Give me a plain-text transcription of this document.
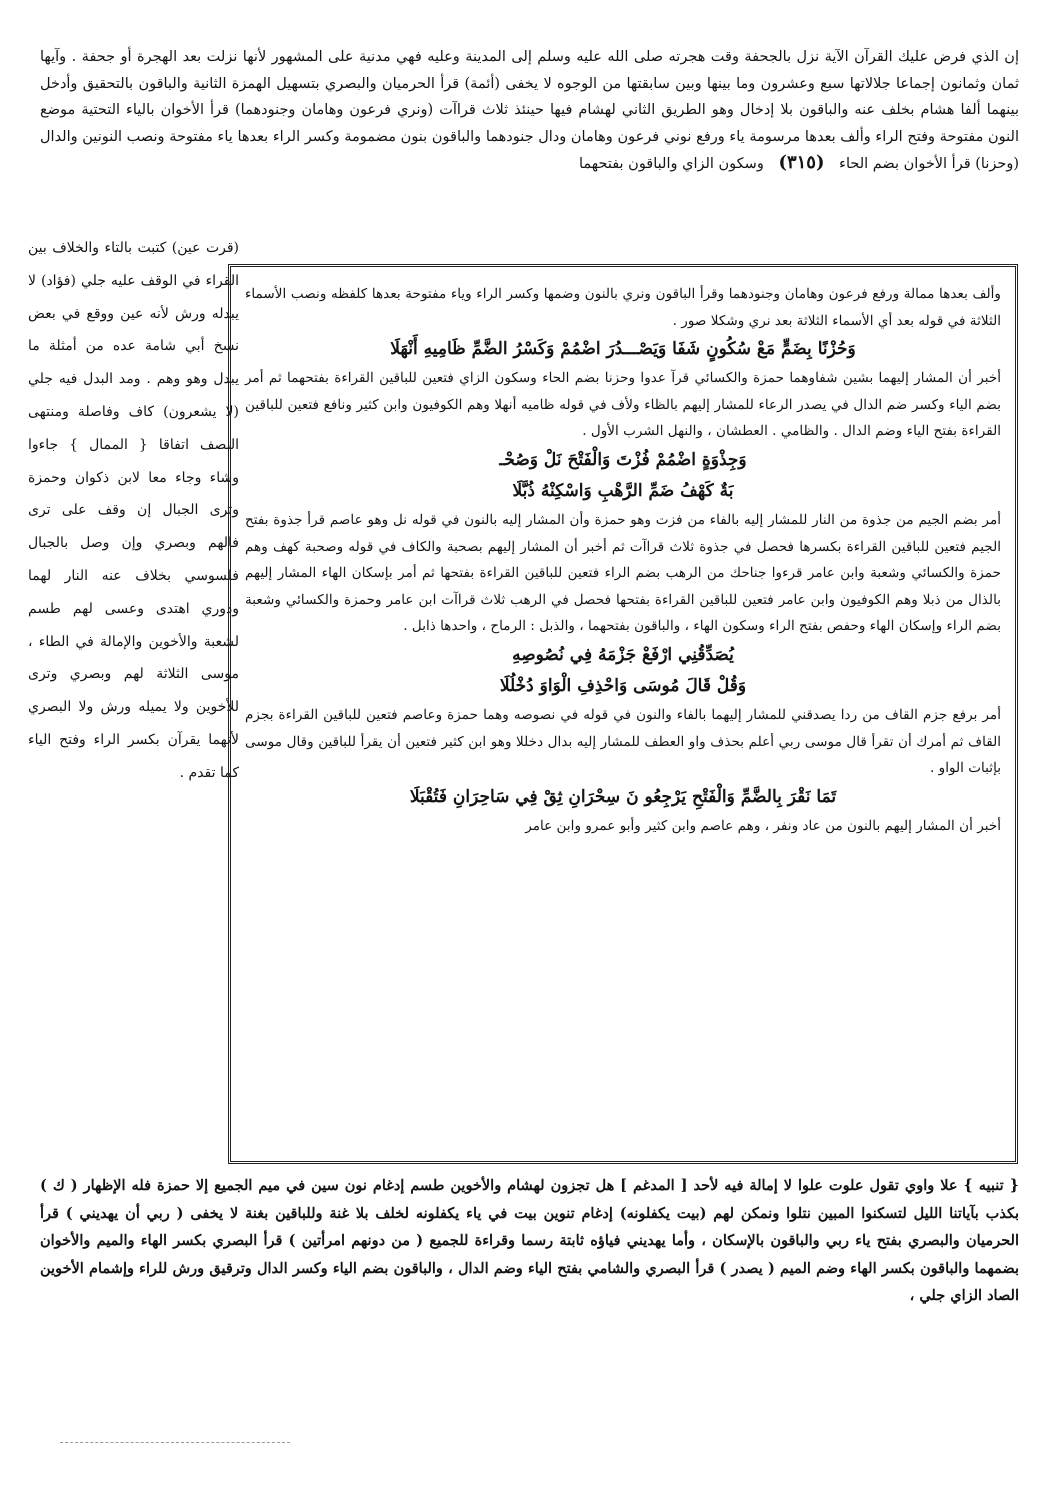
إن الذي فرض عليك القرآن الآية نزل بالجحفة وقت هجرته صلى الله عليه وسلم إلى المدينة وعليه فهي مدنية على المشهور لأنها نزلت بعد الهجرة أو جحفة . وآيها ثمان وثمانون إجماعا جلالاتها سبع وعشرون وما بينها وبين سابقتها من الوجوه لا يخفى (أئمة) قرأ الحرميان والبصري بتسهيل الهمزة الثانية والباقون بالتحقيق وأدخل بينهما ألفا هشام بخلف عنه والباقون بلا إدخال وهو الطريق الثاني لهشام فيها حينئذ ثلاث قراآت (ونري فرعون وهامان وجنودهما) قرأ الأخوان بالياء التحتية موضع النون مفتوحة وفتح الراء وألف بعدها مرسومة ياء ورفع نوني فرعون وهامان ودال جنودهما والباقون بنون مضمومة وكسر الراء بعدها ياء مفتوحة ونصب النونين والدال (وحزنا) قرأ الأخوان بضم الحاء (٣١٥) وسكون الزاي والباقون بفتحهما

(قرت عين) كتبت بالتاء والخلاف بين القراء في الوقف عليه جلي (فؤاد) لا يبدله ورش لأنه عين ووقع في بعض نسخ أبي شامة عده من أمثلة ما يبدل وهو وهم . ومد البدل فيه جلي (لا يشعرون) كاف وفاصلة ومنتهى النصف اتفاقا { الممال } جاءوا وشاء وجاء معا لابن ذكوان وحمزة وترى الجبال إن وقف على ترى فالهم وبصري وإن وصل بالجبال فلسوسي بخلاف عنه النار لهما ودوري اهتدى وعسى لهم طسم لشعبة والأخوين والإمالة في الطاء ، موسى الثلاثة لهم وبصري وترى للأخوين ولا يميله ورش ولا البصري لأنهما يقرآن بكسر الراء وفتح الياء كما تقدم .

وألف بعدها ممالة ورفع فرعون وهامان وجنودهما وقرأ الباقون ونري بالنون وضمها وكسر الراء وياء مفتوحة بعدها كلفظه ونصب الأسماء الثلاثة في قوله بعد أي الأسماء الثلاثة بعد نري وشكلا صور .

وَحُزْنًا بِضَمٍّ مَعْ سُكُونٍ شَفَا وَيَصْـــدُرَ اضْمُمْ وَكَسْرُ الضَّمِّ ظَامِيهِ أَنْهَلَا

أخبر أن المشار إليهما بشين شفاوهما حمزة والكسائي قرآ عدوا وحزنا بضم الحاء وسكون الزاي فتعين للباقين القراءة بفتحهما ثم أمر بضم الياء وكسر ضم الدال في يصدر الرعاء للمشار إليهم بالظاء ولأف في قوله ظاميه أنهلا وهم الكوفيون وابن كثير ونافع فتعين للباقين القراءة بفتح الياء وضم الدال . والظامي . العطشان ، والنهل الشرب الأول .

وَجِذْوَةٍ اضْمُمْ فُزْتَ وَالْفَتْحَ نَلْ وَصُحْـ

بَةٌ كَهْفُ ضَمِّ الرَّهْبِ وَاسْكِنْهُ ذُبَّلَا

أمر بضم الجيم من جذوة من النار للمشار إليه بالفاء من فزت وهو حمزة وأن المشار إليه بالنون في قوله نل وهو عاصم قرأ جذوة بفتح الجيم فتعين للباقين القراءة بكسرها فحصل في جذوة ثلاث قراآت ثم أخبر أن المشار إليهم بصحبة والكاف في قوله وصحبة كهف وهم حمزة والكسائي وشعبة وابن عامر قرءوا جناحك من الرهب بضم الراء فتعين للباقين القراءة بفتحها ثم أمر بإسكان الهاء المشار إليهم بالذال من ذبلا وهم الكوفيون وابن عامر فتعين للباقين القراءة بفتحها فحصل في الرهب ثلاث قراآت ابن عامر وحمزة والكسائي وشعبة بضم الراء وإسكان الهاء وحفص بفتح الراء وسكون الهاء ، والباقون بفتحهما ، والذبل : الرماح ، واحدها ذابل .

يُصَدِّقُنِي ارْفَعْ جَزْمَهُ فِي نُصُوصِهِ

وَقُلْ قَالَ مُوسَى وَاحْذِفِ الْوَاوَ دُخْلُلَا

أمر برفع جزم القاف من ردا يصدقني للمشار إليهما بالفاء والنون في قوله في نصوصه وهما حمزة وعاصم فتعين للباقين القراءة بجزم القاف ثم أمرك أن تقرأ قال موسى ربي أعلم بحذف واو العطف للمشار إليه بدال دخللا وهو ابن كثير فتعين أن يقرأ للباقين وقال موسى بإثبات الواو .

تَمَا نَقْرَ بِالضَّمِّ وَالْفَتْحِ يَرْجِعُو نَ سِحْرَانِ ثِقْ فِي سَاحِرَانِ فَتُقْبَلَا

أخبر أن المشار إليهم بالنون من عاد ونفر ، وهم عاصم وابن كثير وأبو عمرو وابن عامر

{ تنبيه } علا واوي تقول علوت علوا لا إمالة فيه لأحد [ المدغم ] هل تجزون لهشام والأخوين طسم إدغام نون سين في ميم الجميع إلا حمزة فله الإظهار ( ك ) بكذب بآياتنا الليل لتسكنوا المبين نتلوا ونمكن لهم (بيت يكفلونه) إدغام تنوين بيت في ياء يكفلونه لخلف بلا غنة وللباقين بغنة لا يخفى ( ربي أن يهديني ) قرأ الحرميان والبصري بفتح ياء ربي والباقون بالإسكان ، وأما يهديني فياؤه ثابتة رسما وقراءة للجميع ( من دونهم امرأتين ) قرأ البصري بكسر الهاء والميم والأخوان بضمهما والباقون بكسر الهاء وضم الميم ( يصدر ) قرأ البصري والشامي بفتح الياء وضم الدال ، والباقون بضم الياء وكسر الدال وترقيق ورش للراء وإشمام الأخوين الصاد الزاي جلي ،
